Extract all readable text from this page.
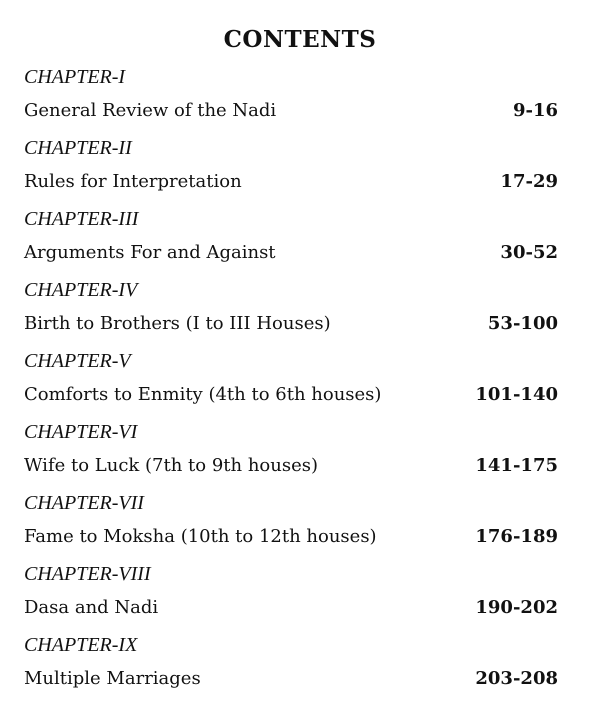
CONTENTS
CHAPTER-I
General Review of the Nadi	9-16
CHAPTER-II
Rules for Interpretation	17-29
CHAPTER-III
Arguments For and Against	30-52
CHAPTER-IV
Birth to Brothers (I to III Houses)	53-100
CHAPTER-V
Comforts to Enmity (4th to 6th houses)	101-140
CHAPTER-VI
Wife to Luck (7th to 9th houses)	141-175
CHAPTER-VII
Fame to Moksha (10th to 12th houses)	176-189
CHAPTER-VIII
Dasa and Nadi	190-202
CHAPTER-IX
Multiple Marriages	203-208
